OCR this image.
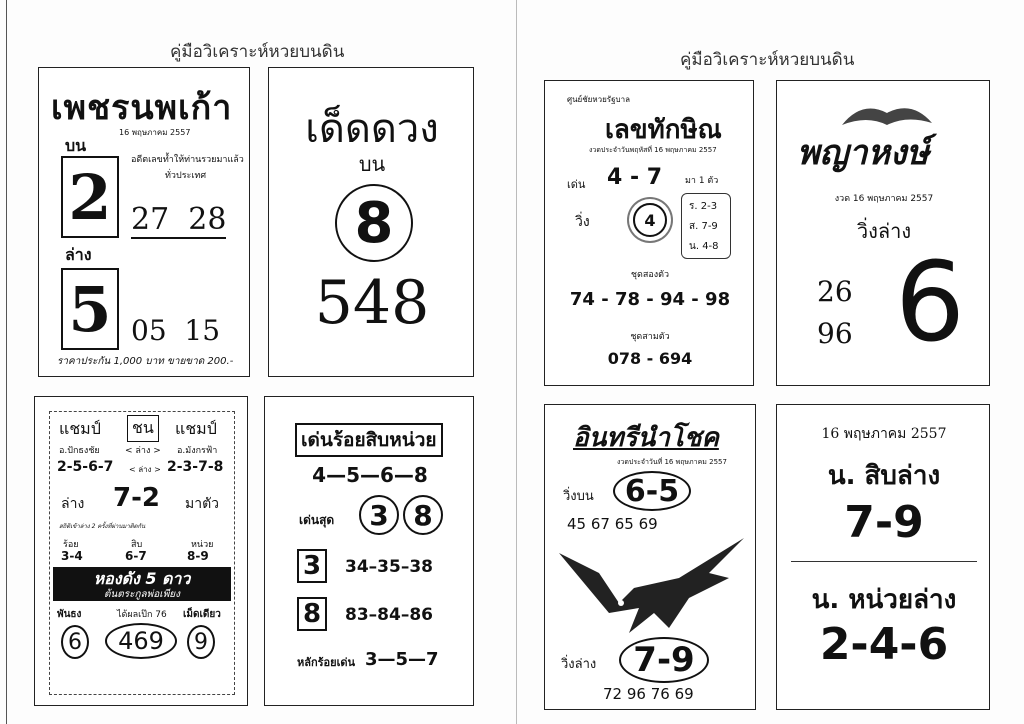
คู่มือวิเคราะห์หวยบนดิน	คู่มือวิเคราะห์หวยบนดิน
เพชรนพเก้า
16 พฤษภาคม 2557
บน
2
อดีตเลขท้ำให้ท่านรวยมาแล้ว
ทั่วประเทศ
27  28
ล่าง
5 05  15
ราคาประกัน 1,000 บาท ขายขาด 200.-
เด็ดดวง
บน
8
548
ศูนย์ชัยหวยรัฐบาล
เลขทักษิณ
งวดประจำวันพฤหัสที่ 16 พฤษภาคม 2557
เด่น 4 - 7	มา 1 ตัว
วิ่ง	4
ร. 2-3
ส. 7-9
น. 4-8
ชุดสองตัว
74 - 78 - 94 - 98
ชุดสามตัว
078 - 694
พญาหงษ์
งวด 16 พฤษภาคม 2557
วิ่งล่าง
26
96 6
แชมป์	ชน	แชมป์
อ.ปักธงชัย	< ล่าง > อ.มังกรฟ้า
2-5-6-7 < ล่าง > 2-3-7-8
ล่าง 7-2 มาตัว
สถิติเข้าล่าง 2 ครั้งที่ผ่านมาติดกัน
ร้อย	สิบ	หน่วย
3-4	6-7	8-9
หองดัง 5 ดาว
ต้นตระกูลพ่อเพียง
พันธง	ได้ผลเป๊ก 76 เม็ดเดียว
6	469	9
เด่นร้อยสิบหน่วย
4—5—6—8
เด่นสุด	3 8
3	34–35–38
8	83–84–86
หลักร้อยเด่น 3—5—7
อินทรีนำโชค
งวดประจำวันที่ 16 พฤษภาคม 2557
วิ่งบน	6-5
45 67 65 69
วิ่งล่าง	7-9
72 96 76 69
16 พฤษภาคม 2557
น. สิบล่าง
7-9
น. หน่วยล่าง
2-4-6
